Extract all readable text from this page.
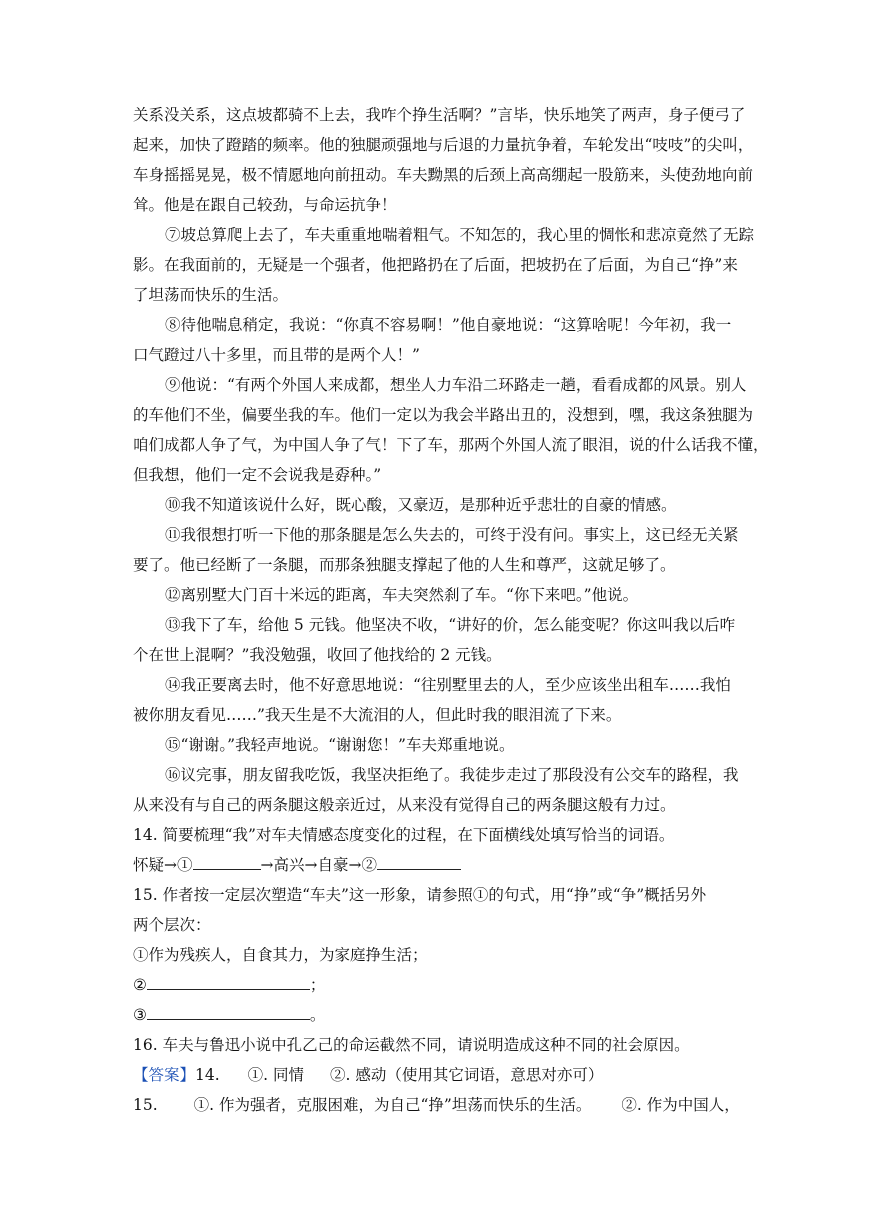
关系没关系，这点坡都骑不上去，我咋个挣生活啊？”言毕，快乐地笑了两声，身子便弓了
起来，加快了蹬踏的频率。他的独腿顽强地与后退的力量抗争着，车轮发出“吱吱”的尖叫，
车身摇摇晃晃，极不情愿地向前扭动。车夫黝黑的后颈上高高绷起一股筋来，头使劲地向前
耸。他是在跟自己较劲，与命运抗争！
⑦坡总算爬上去了，车夫重重地喘着粗气。不知怎的，我心里的惆怅和悲凉竟然了无踪
影。在我面前的，无疑是一个强者，他把路扔在了后面，把坡扔在了后面，为自己“挣”来
了坦荡而快乐的生活。
⑧待他喘息稍定，我说：“你真不容易啊！”他自豪地说：“这算啥呢！今年初，我一
口气蹬过八十多里，而且带的是两个人！”
⑨他说：“有两个外国人来成都，想坐人力车沿二环路走一趟，看看成都的风景。别人
的车他们不坐，偏要坐我的车。他们一定以为我会半路出丑的，没想到，嘿，我这条独腿为
咱们成都人争了气，为中国人争了气！下了车，那两个外国人流了眼泪，说的什么话我不懂，
但我想，他们一定不会说我是孬种。”
⑩我不知道该说什么好，既心酸，又豪迈，是那种近乎悲壮的自豪的情感。
⑪我很想打听一下他的那条腿是怎么失去的，可终于没有问。事实上，这已经无关紧
要了。他已经断了一条腿，而那条独腿支撑起了他的人生和尊严，这就足够了。
⑫离别墅大门百十米远的距离，车夫突然刹了车。“你下来吧。”他说。
⑬我下了车，给他 5 元钱。他坚决不收，“讲好的价，怎么能变呢？你这叫我以后咋
个在世上混啊？”我没勉强，收回了他找给的 2 元钱。
⑭我正要离去时，他不好意思地说：“往别墅里去的人，至少应该坐出租车……我怕
被你朋友看见……”我天生是不大流泪的人，但此时我的眼泪流了下来。
⑮“谢谢。”我轻声地说。“谢谢您！”车夫郑重地说。
⑯议完事，朋友留我吃饭，我坚决拒绝了。我徒步走过了那段没有公交车的路程，我
从来没有与自己的两条腿这般亲近过，从来没有觉得自己的两条腿这般有力过。
14. 简要梳理“我”对车夫情感态度变化的过程，在下面横线处填写恰当的词语。
怀疑→①	→高兴→自豪→②
15. 作者按一定层次塑造“车夫”这一形象，请参照①的句式，用“挣”或“争”概括另外
两个层次：
①作为残疾人，自食其力，为家庭挣生活；
②	；
③	。
16. 车夫与鲁迅小说中孔乙己的命运截然不同，请说明造成这种不同的社会原因。
【答案】14. ①. 同情 ②. 感动（使用其它词语，意思对亦可）
15. ①. 作为强者，克服困难，为自己“挣”坦荡而快乐的生活。 ②. 作为中国人，
